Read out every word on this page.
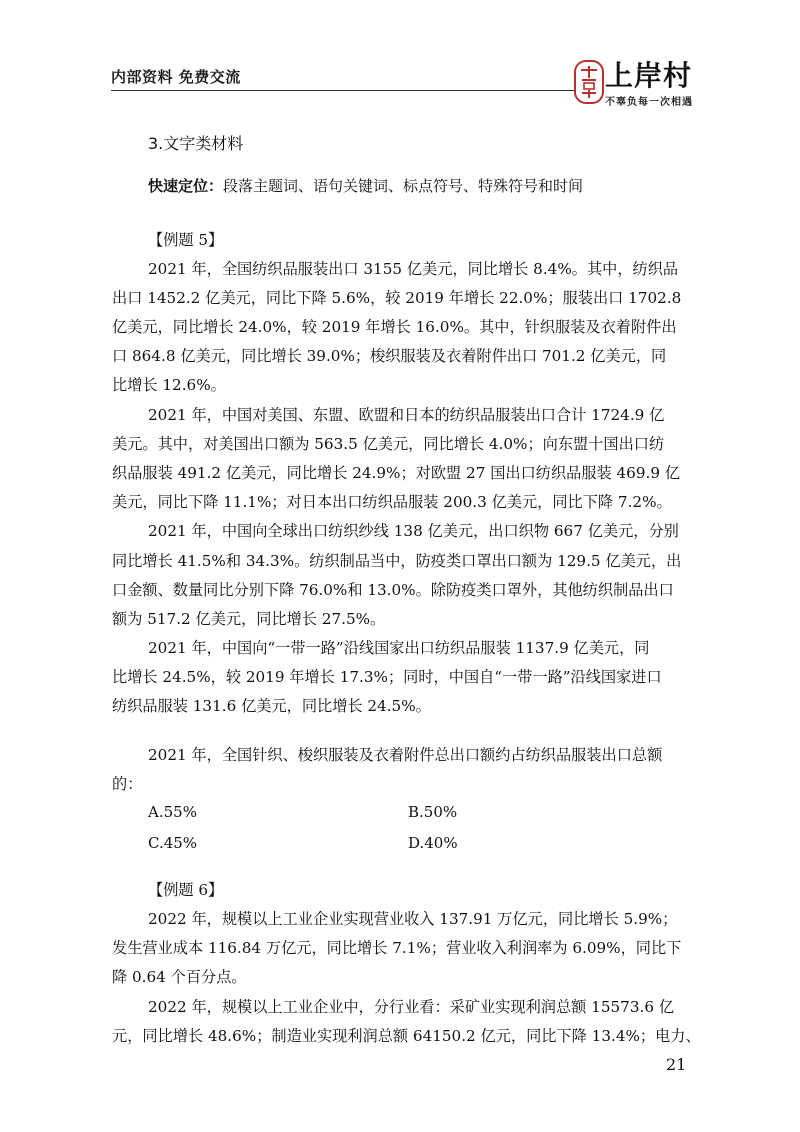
内部资料 免费交流	上岸村
不辜负每一次相遇
3.文字类材料
快速定位：段落主题词、语句关键词、标点符号、特殊符号和时间
【例题 5】
2021 年，全国纺织品服装出口 3155 亿美元，同比增长 8.4%。其中，纺织品
出口 1452.2 亿美元，同比下降 5.6%，较 2019 年增长 22.0%；服装出口 1702.8
亿美元，同比增长 24.0%，较 2019 年增长 16.0%。其中，针织服装及衣着附件出
口 864.8 亿美元，同比增长 39.0%；梭织服装及衣着附件出口 701.2 亿美元，同
比增长 12.6%。
2021 年，中国对美国、东盟、欧盟和日本的纺织品服装出口合计 1724.9 亿
美元。其中，对美国出口额为 563.5 亿美元，同比增长 4.0%；向东盟十国出口纺
织品服装 491.2 亿美元，同比增长 24.9%；对欧盟 27 国出口纺织品服装 469.9 亿
美元，同比下降 11.1%；对日本出口纺织品服装 200.3 亿美元，同比下降 7.2%。
2021 年，中国向全球出口纺织纱线 138 亿美元，出口织物 667 亿美元，分别
同比增长 41.5%和 34.3%。纺织制品当中，防疫类口罩出口额为 129.5 亿美元，出
口金额、数量同比分别下降 76.0%和 13.0%。除防疫类口罩外，其他纺织制品出口
额为 517.2 亿美元，同比增长 27.5%。
2021 年，中国向“一带一路”沿线国家出口纺织品服装 1137.9 亿美元，同
比增长 24.5%，较 2019 年增长 17.3%；同时，中国自“一带一路”沿线国家进口
纺织品服装 131.6 亿美元，同比增长 24.5%。
2021 年，全国针织、梭织服装及衣着附件总出口额约占纺织品服装出口总额
的：
A.55%	B.50%
C.45%	D.40%
【例题 6】
2022 年，规模以上工业企业实现营业收入 137.91 万亿元，同比增长 5.9%；
发生营业成本 116.84 万亿元，同比增长 7.1%；营业收入利润率为 6.09%，同比下
降 0.64 个百分点。
2022 年，规模以上工业企业中，分行业看：采矿业实现利润总额 15573.6 亿
元，同比增长 48.6%；制造业实现利润总额 64150.2 亿元，同比下降 13.4%；电力、
21
